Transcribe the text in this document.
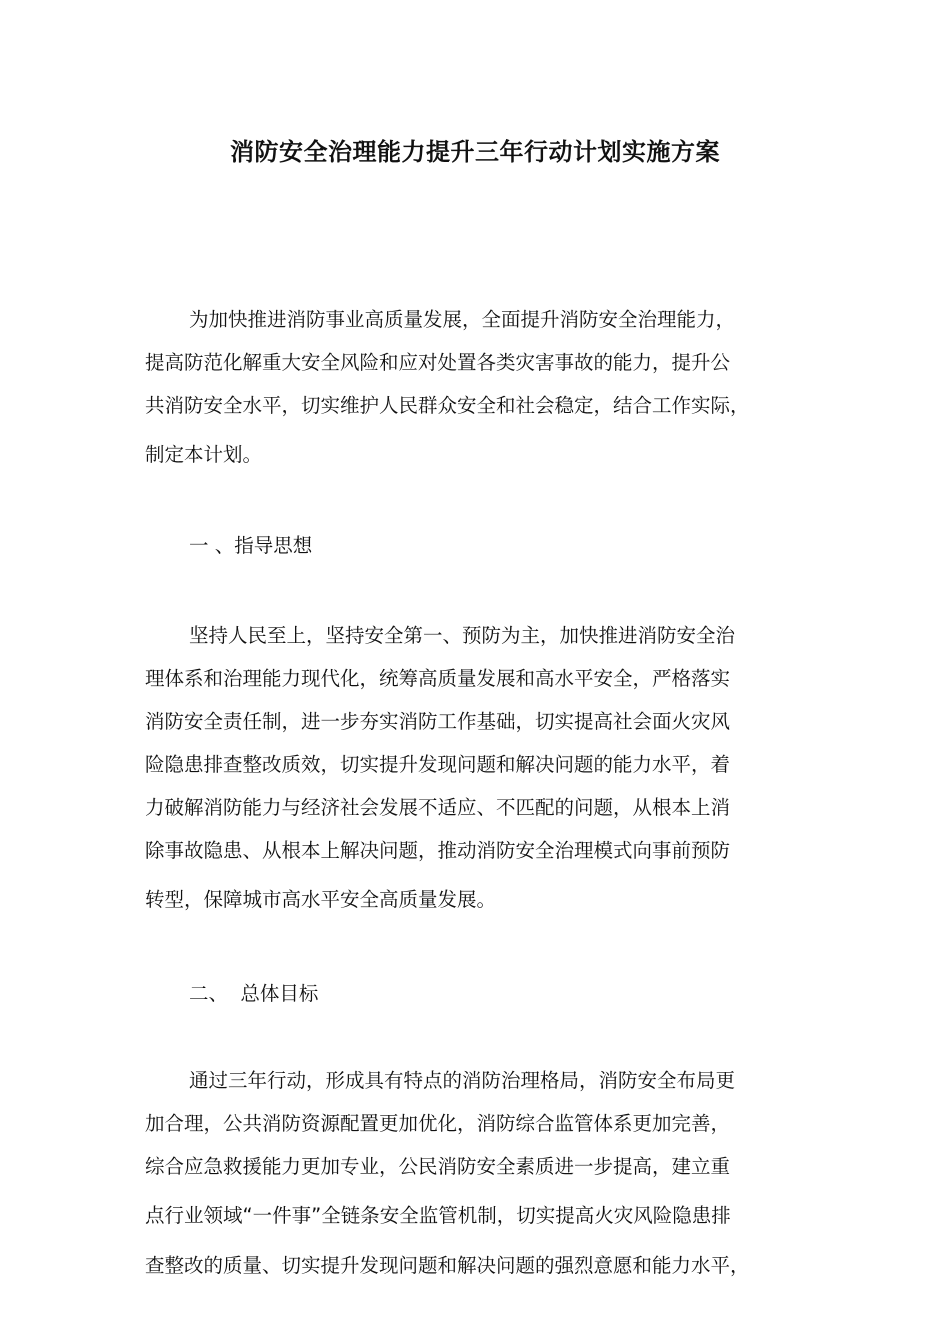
消防安全治理能力提升三年行动计划实施方案
为加快推进消防事业高质量发展，全面提升消防安全治理能力，
提高防范化解重大安全风险和应对处置各类灾害事故的能力，提升公
共消防安全水平，切实维护人民群众安全和社会稳定，结合工作实际，
制定本计划。

一 、指导思想

坚持人民至上，坚持安全第一、预防为主，加快推进消防安全治
理体系和治理能力现代化，统筹高质量发展和高水平安全，严格落实
消防安全责任制，进一步夯实消防工作基础，切实提高社会面火灾风
险隐患排查整改质效，切实提升发现问题和解决问题的能力水平，着
力破解消防能力与经济社会发展不适应、不匹配的问题，从根本上消
除事故隐患、从根本上解决问题，推动消防安全治理模式向事前预防
转型，保障城市高水平安全高质量发展。

二、  总体目标

通过三年行动，形成具有特点的消防治理格局，消防安全布局更
加合理，公共消防资源配置更加优化，消防综合监管体系更加完善，
综合应急救援能力更加专业，公民消防安全素质进一步提高，建立重
点行业领域“一件事”全链条安全监管机制，切实提高火灾风险隐患排
查整改的质量、切实提升发现问题和解决问题的强烈意愿和能力水平，
